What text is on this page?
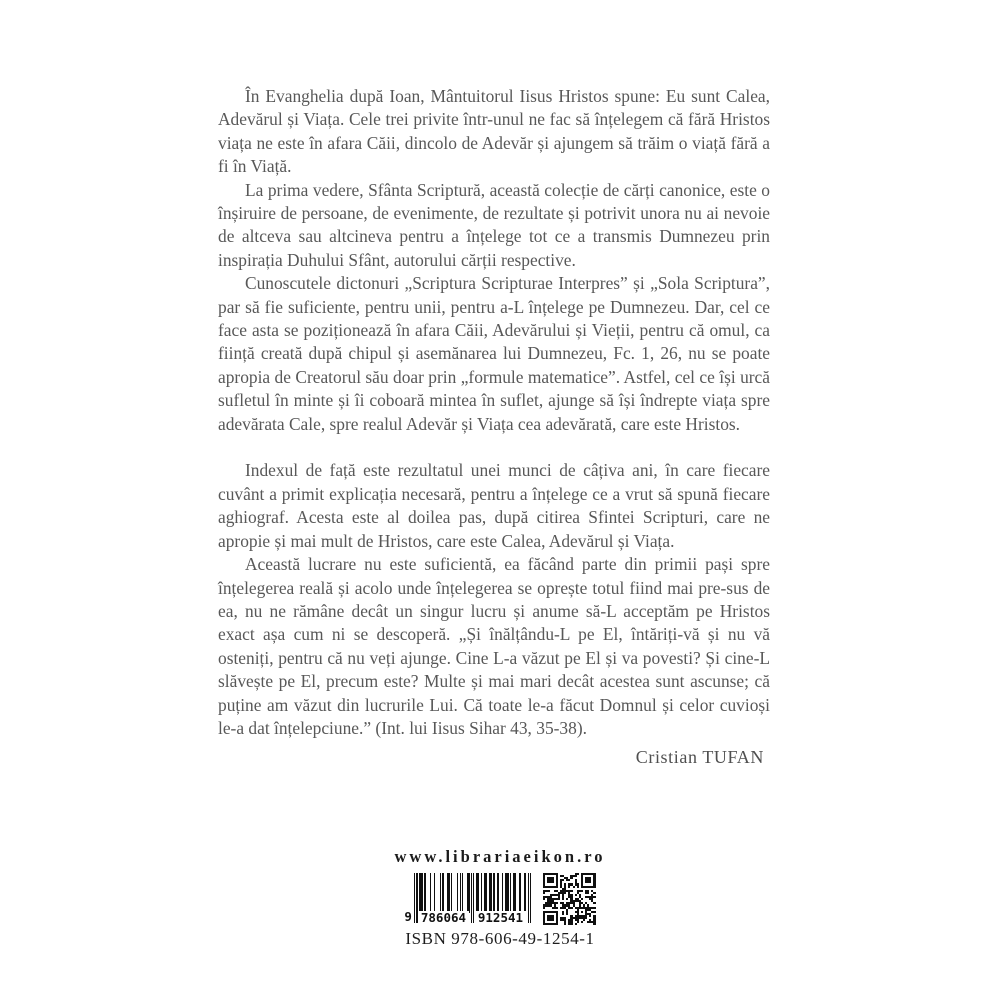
În Evanghelia după Ioan, Mântuitorul Iisus Hristos spune: Eu sunt Calea, Adevărul și Viața. Cele trei privite într-unul ne fac să înțelegem că fără Hristos viața ne este în afara Căii, dincolo de Adevăr și ajungem să trăim o viață fără a fi în Viață.

La prima vedere, Sfânta Scriptură, această colecție de cărți canonice, este o înșiruire de persoane, de evenimente, de rezultate și potrivit unora nu ai nevoie de altceva sau altcineva pentru a înțelege tot ce a transmis Dumnezeu prin inspirația Duhului Sfânt, autorului cărții respective.

Cunoscutele dictonuri „Scriptura Scripturae Interpres” și „Sola Scriptura”, par să fie suficiente, pentru unii, pentru a-L înțelege pe Dumnezeu. Dar, cel ce face asta se poziționează în afara Căii, Adevărului și Vieții, pentru că omul, ca ființă creată după chipul și asemănarea lui Dumnezeu, Fc. 1, 26, nu se poate apropia de Creatorul său doar prin „formule matematice”. Astfel, cel ce își urcă sufletul în minte și îi coboară mintea în suflet, ajunge să își îndrepte viața spre adevărata Cale, spre realul Adevăr și Viața cea adevărată, care este Hristos.

Indexul de față este rezultatul unei munci de câțiva ani, în care fiecare cuvânt a primit explicația necesară, pentru a înțelege ce a vrut să spună fiecare aghiograf. Acesta este al doilea pas, după citirea Sfintei Scripturi, care ne apropie și mai mult de Hristos, care este Calea, Adevărul și Viața.

Această lucrare nu este suficientă, ea făcând parte din primii pași spre înțelegerea reală și acolo unde înțelegerea se oprește totul fiind mai pre-sus de ea, nu ne rămâne decât un singur lucru și anume să-L acceptăm pe Hristos exact așa cum ni se descoperă. „Și înălțându-L pe El, întăriți-vă și nu vă osteniți, pentru că nu veți ajunge. Cine L-a văzut pe El și va povesti? Și cine-L slăvește pe El, precum este? Multe și mai mari decât acestea sunt ascunse; că puține am văzut din lucrurile Lui. Că toate le-a făcut Domnul și celor cuvioși le-a dat înțelepciune.” (Int. lui Iisus Sihar 43, 35-38).

Cristian TUFAN
www.librariaeikon.ro
9 786064 912541
ISBN 978-606-49-1254-1
